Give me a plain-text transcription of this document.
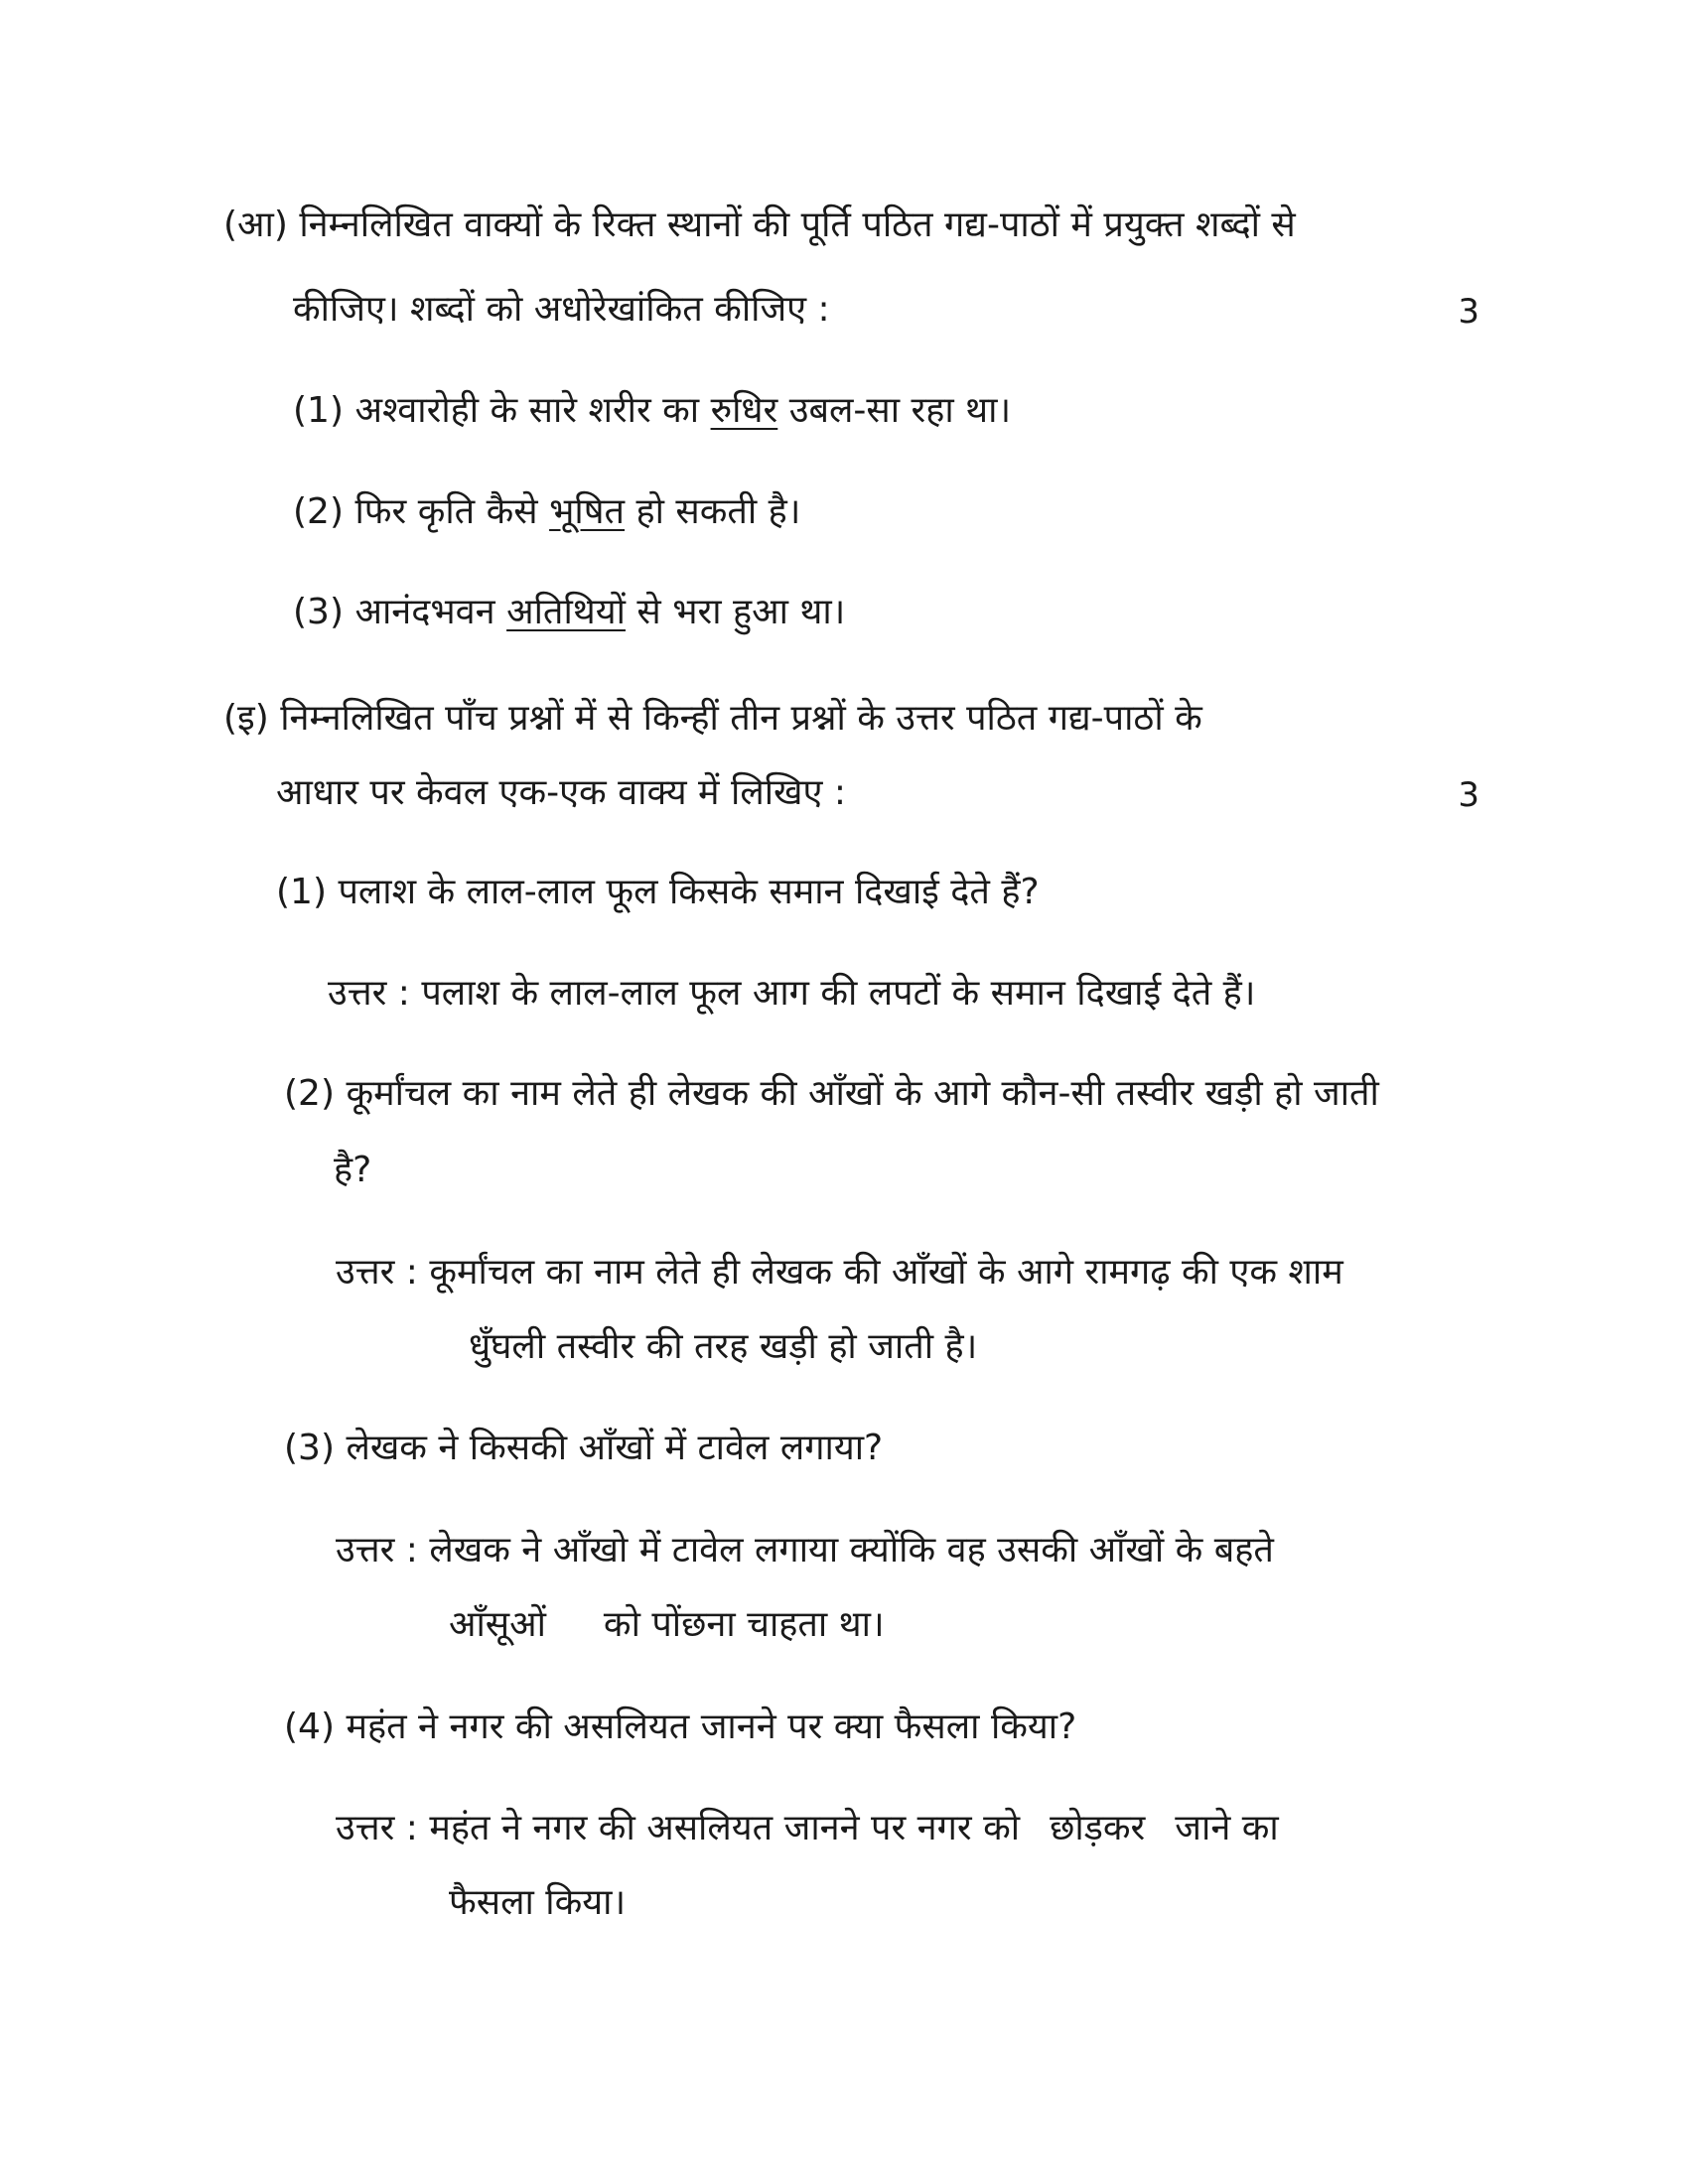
(आ) निम्नलिखित वाक्यों के रिक्त स्थानों की पूर्ति पठित गद्य-पाठों में प्रयुक्त शब्दों से
कीजिए। शब्दों को अधोरेखांकित कीजिए :	3
(1) अश्वारोही के सारे शरीर का रुधिर उबल-सा रहा था।
(2) फिर कृति कैसे भूषित हो सकती है।
(3) आनंदभवन अतिथियों से भरा हुआ था।
(इ) निम्नलिखित पाँच प्रश्नों में से किन्हीं तीन प्रश्नों के उत्तर पठित गद्य-पाठों के
आधार पर केवल एक-एक वाक्य में लिखिए :	3
(1) पलाश के लाल-लाल फूल किसके समान दिखाई देते हैं?
उत्तर : पलाश के लाल-लाल फूल आग की लपटों के समान दिखाई देते हैं।
(2) कूर्मांचल का नाम लेते ही लेखक की आँखों के आगे कौन-सी तस्वीर खड़ी हो जाती
है?
उत्तर : कूर्मांचल का नाम लेते ही लेखक की आँखों के आगे रामगढ़ की एक शाम
धुँघली तस्वीर की तरह खड़ी हो जाती है।
(3) लेखक ने किसकी आँखों में टावेल लगाया?
उत्तर : लेखक ने आँखो में टावेल लगाया क्योंकि वह उसकी आँखों के बहते
आँसूओं को पोंछना चाहता था।
(4) महंत ने नगर की असलियत जानने पर क्या फैसला किया?
उत्तर : महंत ने नगर की असलियत जानने पर नगर को छोड़कर जाने का
फैसला किया।
